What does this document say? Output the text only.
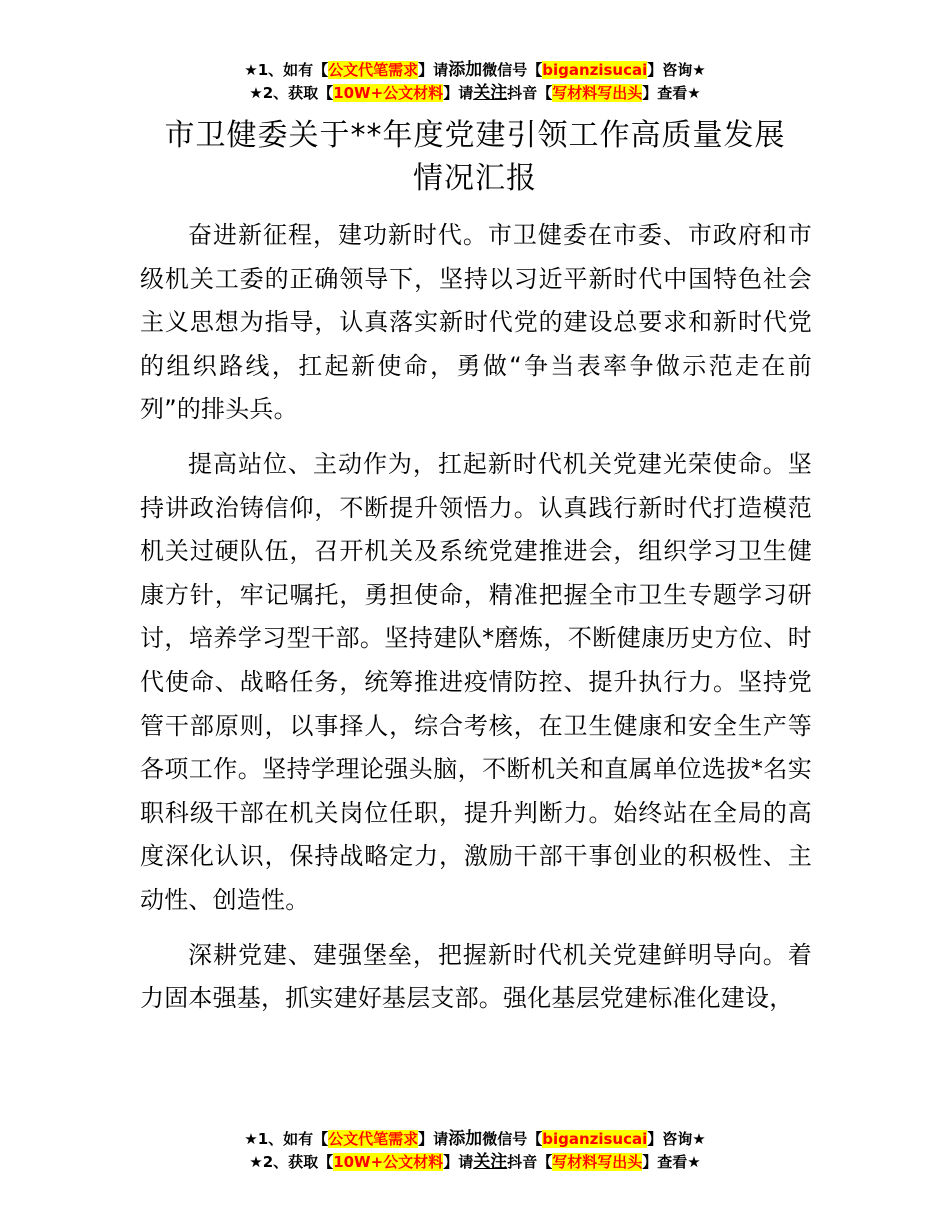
★1、如有【公文代笔需求】请添加微信号【biganzisucai】咨询★
★2、获取【10W+公文材料】请关注抖音【写材料写出头】查看★
市卫健委关于**年度党建引领工作高质量发展
情况汇报

奋进新征程，建功新时代。市卫健委在市委、市政府和市级机关工委的正确领导下，坚持以习近平新时代中国特色社会主义思想为指导，认真落实新时代党的建设总要求和新时代党的组织路线，扛起新使命，勇做“争当表率争做示范走在前列”的排头兵。

提高站位、主动作为，扛起新时代机关党建光荣使命。坚持讲政治铸信仰，不断提升领悟力。认真践行新时代打造模范机关过硬队伍，召开机关及系统党建推进会，组织学习卫生健康方针，牢记嘱托，勇担使命，精准把握全市卫生专题学习研讨，培养学习型干部。坚持建队*磨炼，不断健康历史方位、时代使命、战略任务，统筹推进疫情防控、提升执行力。坚持党管干部原则，以事择人，综合考核，在卫生健康和安全生产等各项工作。坚持学理论强头脑，不断机关和直属单位选拔*名实职科级干部在机关岗位任职，提升判断力。始终站在全局的高度深化认识，保持战略定力，激励干部干事创业的积极性、主动性、创造性。

深耕党建、建强堡垒，把握新时代机关党建鲜明导向。着力固本强基，抓实建好基层支部。强化基层党建标准化建设，

★1、如有【公文代笔需求】请添加微信号【biganzisucai】咨询★
★2、获取【10W+公文材料】请关注抖音【写材料写出头】查看★
